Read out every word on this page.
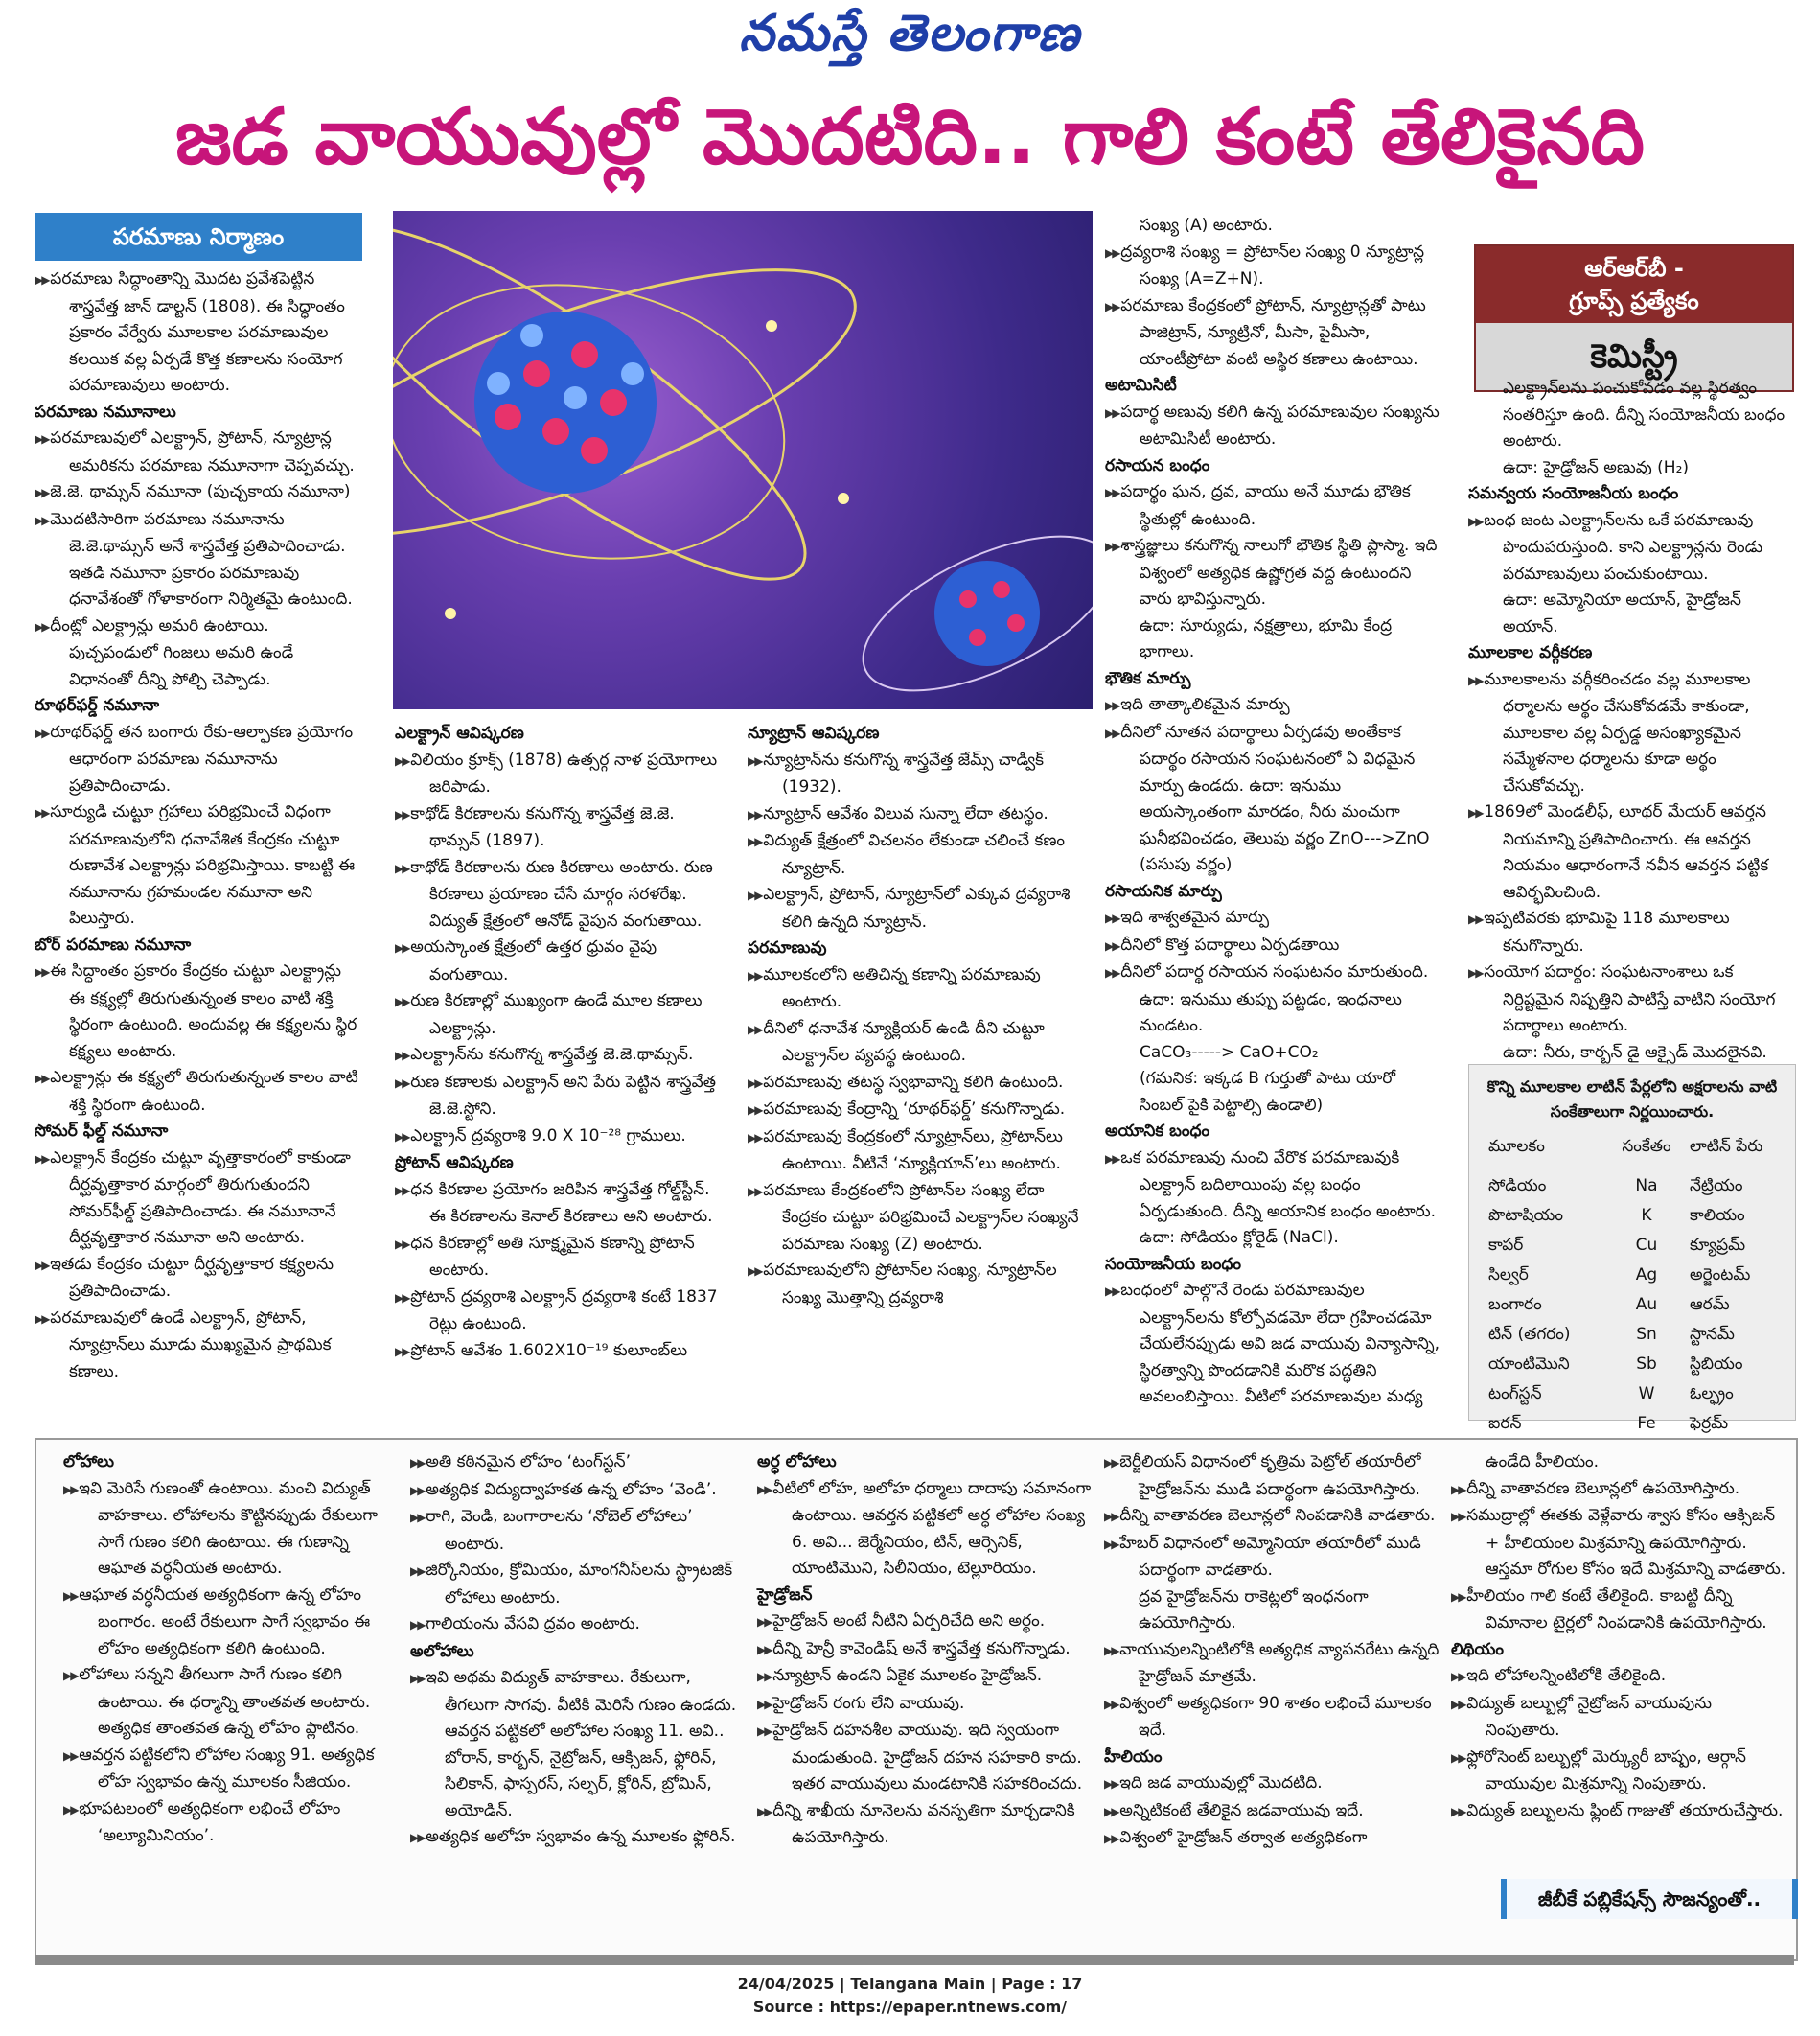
నమస్తే తెలంగాణ
జడ వాయువుల్లో మొదటిది.. గాలి కంటే తేలికైనది
పరమాణు నిర్మాణం

▶▶ పరమాణు సిద్ధాంతాన్ని మొదట ప్రవేశపెట్టిన శాస్త్రవేత్త జాన్ డాల్టన్ (1808). ఈ సిద్ధాంతం ప్రకారం వేర్వేరు మూలకాల పరమాణువుల కలయిక వల్ల ఏర్పడే కొత్త కణాలను సంయోగ పరమాణువులు అంటారు.

పరమాణు నమూనాలు

▶▶ పరమాణువులో ఎలక్ట్రాన్, ప్రోటాన్, న్యూట్రాన్ల అమరికను పరమాణు నమూనాగా చెప్పవచ్చు.

▶▶ జె.జె. థామ్సన్ నమూనా (పుచ్చకాయ నమూనా)

▶▶ మొదటిసారిగా పరమాణు నమూనాను జె.జె.థామ్సన్ అనే శాస్త్రవేత్త ప్రతిపాదించాడు. ఇతడి నమూనా ప్రకారం పరమాణువు ధనావేశంతో గోళాకారంగా నిర్మితమై ఉంటుంది.

▶▶ దీంట్లో ఎలక్ట్రాన్లు అమరి ఉంటాయి. పుచ్చపండులో గింజలు అమరి ఉండే విధానంతో దీన్ని పోల్చి చెప్పాడు.

రూథర్‌ఫర్డ్ నమూనా

▶▶ రూథర్‌ఫర్డ్ తన బంగారు రేకు-ఆల్ఫాకణ ప్రయోగం ఆధారంగా పరమాణు నమూనాను ప్రతిపాదించాడు.

▶▶ సూర్యుడి చుట్టూ గ్రహాలు పరిభ్రమించే విధంగా పరమాణువులోని ధనావేశిత కేంద్రకం చుట్టూ రుణావేశ ఎలక్ట్రాన్లు పరిభ్రమిస్తాయి. కాబట్టి ఈ నమూనాను గ్రహమండల నమూనా అని పిలుస్తారు.

బోర్ పరమాణు నమూనా

▶▶ ఈ సిద్ధాంతం ప్రకారం కేంద్రకం చుట్టూ ఎలక్ట్రాన్లు ఈ కక్ష్యల్లో తిరుగుతున్నంత కాలం వాటి శక్తి స్థిరంగా ఉంటుంది. అందువల్ల ఈ కక్ష్యలను స్థిర కక్ష్యలు అంటారు.

▶▶ ఎలక్ట్రాన్లు ఈ కక్ష్యలో తిరుగుతున్నంత కాలం వాటి శక్తి స్థిరంగా ఉంటుంది.

సోమర్ ఫీల్డ్ నమూనా

▶▶ ఎలక్ట్రాన్ కేంద్రకం చుట్టూ వృత్తాకారంలో కాకుండా దీర్ఘవృత్తాకార మార్గంలో తిరుగుతుందని సోమర్‌ఫీల్డ్ ప్రతిపాదించాడు. ఈ నమూనానే దీర్ఘవృత్తాకార నమూనా అని అంటారు.

▶▶ ఇతడు కేంద్రకం చుట్టూ దీర్ఘవృత్తాకార కక్ష్యలను ప్రతిపాదించాడు.

▶▶ పరమాణువులో ఉండే ఎలక్ట్రాన్, ప్రోటాన్, న్యూట్రాన్‌లు మూడు ముఖ్యమైన ప్రాథమిక కణాలు.

ఎలక్ట్రాన్ ఆవిష్కరణ

▶▶ విలియం క్రూక్స్ (1878) ఉత్సర్గ నాళ ప్రయోగాలు జరిపాడు.

▶▶ కాథోడ్ కిరణాలను కనుగొన్న శాస్త్రవేత్త జె.జె. థామ్సన్ (1897).

▶▶ కాథోడ్ కిరణాలను రుణ కిరణాలు అంటారు. రుణ కిరణాలు ప్రయాణం చేసే మార్గం సరళరేఖ. విద్యుత్ క్షేత్రంలో ఆనోడ్ వైపున వంగుతాయి.

▶▶ అయస్కాంత క్షేత్రంలో ఉత్తర ధ్రువం వైపు వంగుతాయి.

▶▶ రుణ కిరణాల్లో ముఖ్యంగా ఉండే మూల కణాలు ఎలక్ట్రాన్లు.

▶▶ ఎలక్ట్రాన్‌ను కనుగొన్న శాస్త్రవేత్త జె.జె.థామ్సన్.

▶▶ రుణ కణాలకు ఎలక్ట్రాన్ అని పేరు పెట్టిన శాస్త్రవేత్త జె.జె.స్టోని.

▶▶ ఎలక్ట్రాన్ ద్రవ్యరాశి 9.0 X 10⁻²⁸ గ్రాములు.

ప్రోటాన్ ఆవిష్కరణ

▶▶ ధన కిరణాల ప్రయోగం జరిపిన శాస్త్రవేత్త గోల్డ్‌స్టీన్. ఈ కిరణాలను కెనాల్ కిరణాలు అని అంటారు.

▶▶ ధన కిరణాల్లో అతి సూక్ష్మమైన కణాన్ని ప్రోటాన్ అంటారు.

▶▶ ప్రోటాన్ ద్రవ్యరాశి ఎలక్ట్రాన్ ద్రవ్యరాశి కంటే 1837 రెట్లు ఉంటుంది.

▶▶ ప్రోటాన్ ఆవేశం 1.602X10⁻¹⁹ కులూంబ్‌లు

న్యూట్రాన్ ఆవిష్కరణ

▶▶ న్యూట్రాన్‌ను కనుగొన్న శాస్త్రవేత్త జేమ్స్ చాడ్విక్ (1932).

▶▶ న్యూట్రాన్ ఆవేశం విలువ సున్నా లేదా తటస్థం.

▶▶ విద్యుత్ క్షేత్రంలో విచలనం లేకుండా చలించే కణం న్యూట్రాన్.

▶▶ ఎలక్ట్రాన్, ప్రోటాన్, న్యూట్రాన్‌లో ఎక్కువ ద్రవ్యరాశి కలిగి ఉన్నది న్యూట్రాన్.

పరమాణువు

▶▶ మూలకంలోని అతిచిన్న కణాన్ని పరమాణువు అంటారు.

▶▶ దీనిలో ధనావేశ న్యూక్లియర్ ఉండి దీని చుట్టూ ఎలక్ట్రాన్‌ల వ్యవస్థ ఉంటుంది.

▶▶ పరమాణువు తటస్థ స్వభావాన్ని కలిగి ఉంటుంది.

▶▶ పరమాణువు కేంద్రాన్ని ‘రూథర్‌ఫర్డ్’ కనుగొన్నాడు.

▶▶ పరమాణువు కేంద్రకంలో న్యూట్రాన్‌లు, ప్రోటాన్‌లు ఉంటాయి. వీటినే ‘న్యూక్లియాన్’లు అంటారు.

▶▶ పరమాణు కేంద్రకంలోని ప్రోటాన్‌ల సంఖ్య లేదా కేంద్రకం చుట్టూ పరిభ్రమించే ఎలక్ట్రాన్‌ల సంఖ్యనే పరమాణు సంఖ్య (Z) అంటారు.

▶▶ పరమాణువులోని ప్రోటాన్‌ల సంఖ్య, న్యూట్రాన్‌ల సంఖ్య మొత్తాన్ని ద్రవ్యరాశి

సంఖ్య (A) అంటారు.

▶▶ ద్రవ్యరాశి సంఖ్య = ప్రోటాన్‌ల సంఖ్య 0 న్యూట్రాన్ల సంఖ్య (A=Z+N).

▶▶ పరమాణు కేంద్రకంలో ప్రోటాన్, న్యూట్రాన్లతో పాటు పాజిట్రాన్, న్యూట్రినో, మీసా, పైమీసా, యాంటీప్రోటా వంటి అస్థిర కణాలు ఉంటాయి.

అటామిసిటీ

▶▶ పదార్థ అణువు కలిగి ఉన్న పరమాణువుల సంఖ్యను అటామిసిటీ అంటారు.

రసాయన బంధం

▶▶ పదార్థం ఘన, ద్రవ, వాయు అనే మూడు భౌతిక స్థితుల్లో ఉంటుంది.

▶▶ శాస్త్రజ్ఞులు కనుగొన్న నాలుగో భౌతిక స్థితి ప్లాస్మా. ఇది విశ్వంలో అత్యధిక ఉష్ణోగ్రత వద్ద ఉంటుందని వారు భావిస్తున్నారు.

ఉదా: సూర్యుడు, నక్షత్రాలు, భూమి కేంద్ర భాగాలు.

భౌతిక మార్పు

▶▶ ఇది తాత్కాలికమైన మార్పు

▶▶ దీనిలో నూతన పదార్థాలు ఏర్పడవు అంతేకాక పదార్థం రసాయన సంఘటనంలో ఏ విధమైన మార్పు ఉండదు. ఉదా: ఇనుము అయస్కాంతంగా మారడం, నీరు మంచుగా ఘనీభవించడం, తెలుపు వర్ణం ZnO--->ZnO (పసుపు వర్ణం)

రసాయనిక మార్పు

▶▶ ఇది శాశ్వతమైన మార్పు

▶▶ దీనిలో కొత్త పదార్థాలు ఏర్పడతాయి

▶▶ దీనిలో పదార్థ రసాయన సంఘటనం మారుతుంది. ఉదా: ఇనుము తుప్పు పట్టడం, ఇంధనాలు మండటం.

CaCO₃-----> CaO+CO₂

(గమనిక: ఇక్కడ B గుర్తుతో పాటు యారో సింబల్ పైకి పెట్టాల్సి ఉండాలి)

అయానిక బంధం

▶▶ ఒక పరమాణువు నుంచి వేరొక పరమాణువుకి ఎలక్ట్రాన్ బదిలాయింపు వల్ల బంధం ఏర్పడుతుంది. దీన్ని అయానిక బంధం అంటారు. ఉదా: సోడియం క్లోరైడ్ (NaCl).

సంయోజనీయ బంధం

▶▶ బంధంలో పాల్గొనే రెండు పరమాణువుల ఎలక్ట్రాన్‌లను కోల్పోవడమో లేదా గ్రహించడమో చేయలేనప్పుడు అవి జడ వాయువు విన్యాసాన్ని, స్థిరత్వాన్ని పొందడానికి మరొక పద్ధతిని అవలంబిస్తాయి. వీటిలో పరమాణువుల మధ్య

ఆర్ఆర్‌బీ -
గ్రూప్స్ ప్రత్యేకం
కెమిస్ట్రీ

ఎలక్ట్రాన్‌లను పంచుకోవడం వల్ల స్థిరత్వం సంతరిస్తూ ఉంది. దీన్ని సంయోజనీయ బంధం అంటారు.

ఉదా: హైడ్రోజన్ అణువు (H₂)

సమన్వయ సంయోజనీయ బంధం

▶▶ బంధ జంట ఎలక్ట్రాన్‌లను ఒకే పరమాణువు పొందుపరుస్తుంది. కాని ఎలక్ట్రాన్లను రెండు పరమాణువులు పంచుకుంటాయి.

ఉదా: అమ్మోనియా అయాన్, హైడ్రోజన్ అయాన్.

మూలకాల వర్గీకరణ

▶▶ మూలకాలను వర్గీకరించడం వల్ల మూలకాల ధర్మాలను అర్థం చేసుకోవడమే కాకుండా, మూలకాల వల్ల ఏర్పడ్డ అసంఖ్యాకమైన సమ్మేళనాల ధర్మాలను కూడా అర్థం చేసుకోవచ్చు.

▶▶ 1869లో మెండలీఫ్, లూథర్ మేయర్ ఆవర్తన నియమాన్ని ప్రతిపాదించారు. ఈ ఆవర్తన నియమం ఆధారంగానే నవీన ఆవర్తన పట్టిక ఆవిర్భవించింది.

▶▶ ఇప్పటివరకు భూమిపై 118 మూలకాలు కనుగొన్నారు.

▶▶ సంయోగ పదార్థం: సంఘటనాంశాలు ఒక నిర్దిష్టమైన నిష్పత్తిని పాటిస్తే వాటిని సంయోగ పదార్థాలు అంటారు.

ఉదా: నీరు, కార్బన్ డై ఆక్సైడ్ మొదలైనవి.

కొన్ని మూలకాల లాటిన్ పేర్లలోని అక్షరాలను వాటి సంకేతాలుగా నిర్ణయించారు.
మూలకం	సంకేతం	లాటిన్ పేరు
సోడియం	Na	నేట్రియం
పొటాషియం	K	కాలియం
కాపర్	Cu	క్యూప్రమ్
సిల్వర్	Ag	అర్జెంటమ్
బంగారం	Au	ఆరమ్
టిన్ (తగరం)	Sn	స్టానమ్
యాంటిమొని	Sb	స్టిబియం
టంగ్‌స్టన్	W	ఓల్ఫ్రం
ఐరన్	Fe	ఫెర్రమ్

లోహాలు

▶▶ ఇవి మెరిసే గుణంతో ఉంటాయి. మంచి విద్యుత్ వాహకాలు. లోహాలను కొట్టినప్పుడు రేకులుగా సాగే గుణం కలిగి ఉంటాయి. ఈ గుణాన్ని ఆఘాత వర్ధనీయత అంటారు.

▶▶ ఆఘాత వర్ధనీయత అత్యధికంగా ఉన్న లోహం బంగారం. అంటే రేకులుగా సాగే స్వభావం ఈ లోహం అత్యధికంగా కలిగి ఉంటుంది.

▶▶ లోహాలు సన్నని తీగలుగా సాగే గుణం కలిగి ఉంటాయి. ఈ ధర్మాన్ని తాంతవత అంటారు. అత్యధిక తాంతవత ఉన్న లోహం ప్లాటినం.

▶▶ ఆవర్తన పట్టికలోని లోహాల సంఖ్య 91. అత్యధిక లోహ స్వభావం ఉన్న మూలకం సీజియం.

▶▶ భూపటలంలో అత్యధికంగా లభించే లోహం ‘అల్యూమినియం’.

▶▶ అతి కఠినమైన లోహం ‘టంగ్‌స్టన్’

▶▶ అత్యధిక విద్యుద్వాహకత ఉన్న లోహం ‘వెండి’.

▶▶ రాగి, వెండి, బంగారాలను ‘నోబెల్ లోహాలు’ అంటారు.

▶▶ జిర్కోనియం, క్రోమియం, మాంగనీస్‌లను స్ట్రాటజిక్ లోహాలు అంటారు.

▶▶ గాలియంను వేసవి ద్రవం అంటారు.

అలోహాలు

▶▶ ఇవి అథమ విద్యుత్ వాహకాలు. రేకులుగా, తీగలుగా సాగవు. వీటికి మెరిసే గుణం ఉండదు. ఆవర్తన పట్టికలో అలోహాల సంఖ్య 11. అవి.. బోరాన్, కార్బన్, నైట్రోజన్, ఆక్సిజన్, ఫ్లోరిన్, సిలికాన్, ఫాస్పరస్, సల్ఫర్, క్లోరిన్, బ్రోమిన్, అయోడిన్.

▶▶ అత్యధిక అలోహ స్వభావం ఉన్న మూలకం ఫ్లోరిన్.

అర్ధ లోహాలు

▶▶ వీటిలో లోహ, అలోహ ధర్మాలు దాదాపు సమానంగా ఉంటాయి. ఆవర్తన పట్టికలో అర్ధ లోహాల సంఖ్య 6. అవి... జెర్మేనియం, టిన్, ఆర్సెనిక్, యాంటిమొని, సిలీనియం, టెల్లూరియం.

హైడ్రోజన్

▶▶ హైడ్రోజన్ అంటే నీటిని ఏర్పరిచేది అని అర్థం.

▶▶ దీన్ని హెన్రీ కావెండిష్ అనే శాస్త్రవేత్త కనుగొన్నాడు.

▶▶ న్యూట్రాన్ ఉండని ఏకైక మూలకం హైడ్రోజన్.

▶▶ హైడ్రోజన్ రంగు లేని వాయువు.

▶▶ హైడ్రోజన్ దహనశీల వాయువు. ఇది స్వయంగా మండుతుంది. హైడ్రోజన్ దహన సహకారి కాదు. ఇతర వాయువులు మండటానికి సహకరించదు.

▶▶ దీన్ని శాఖీయ నూనెలను వనస్పతిగా మార్చడానికి ఉపయోగిస్తారు.

▶▶ బెర్జీలియస్ విధానంలో కృత్రిమ పెట్రోల్ తయారీలో హైడ్రోజన్‌ను ముడి పదార్థంగా ఉపయోగిస్తారు.

▶▶ దీన్ని వాతావరణ బెలూన్లలో నింపడానికి వాడతారు.

▶▶ హేబర్ విధానంలో అమ్మోనియా తయారీలో ముడి పదార్థంగా వాడతారు.

ద్రవ హైడ్రోజన్‌ను రాకెట్లలో ఇంధనంగా ఉపయోగిస్తారు.

▶▶ వాయువులన్నింటిలోకి అత్యధిక వ్యాపనరేటు ఉన్నది హైడ్రోజన్ మాత్రమే.

▶▶ విశ్వంలో అత్యధికంగా 90 శాతం లభించే మూలకం ఇదే.

హీలియం

▶▶ ఇది జడ వాయువుల్లో మొదటిది.

▶▶ అన్నిటికంటే తేలికైన జడవాయువు ఇదే.

▶▶ విశ్వంలో హైడ్రోజన్ తర్వాత అత్యధికంగా

ఉండేది హీలియం.

▶▶ దీన్ని వాతావరణ బెలూన్లలో ఉపయోగిస్తారు.

▶▶ సముద్రాల్లో ఈతకు వెళ్లేవారు శ్వాస కోసం ఆక్సిజన్ + హీలియంల మిశ్రమాన్ని ఉపయోగిస్తారు. ఆస్తమా రోగుల కోసం ఇదే మిశ్రమాన్ని వాడతారు.

▶▶ హీలియం గాలి కంటే తేలికైంది. కాబట్టి దీన్ని విమానాల టైర్లలో నింపడానికి ఉపయోగిస్తారు.

లిథియం

▶▶ ఇది లోహాలన్నింటిలోకి తేలికైంది.

▶▶ విద్యుత్ బల్బుల్లో నైట్రోజన్ వాయువును నింపుతారు.

▶▶ ఫ్లోరోసెంట్ బల్బుల్లో మెర్క్యురీ బాష్పం, ఆర్గాన్ వాయువుల మిశ్రమాన్ని నింపుతారు.

▶▶ విద్యుత్ బల్బులను ఫ్లింట్ గాజుతో తయారుచేస్తారు.

జీబీకే పబ్లికేషన్స్ సౌజన్యంతో..
24/04/2025 | Telangana Main | Page : 17
Source : https://epaper.ntnews.com/
